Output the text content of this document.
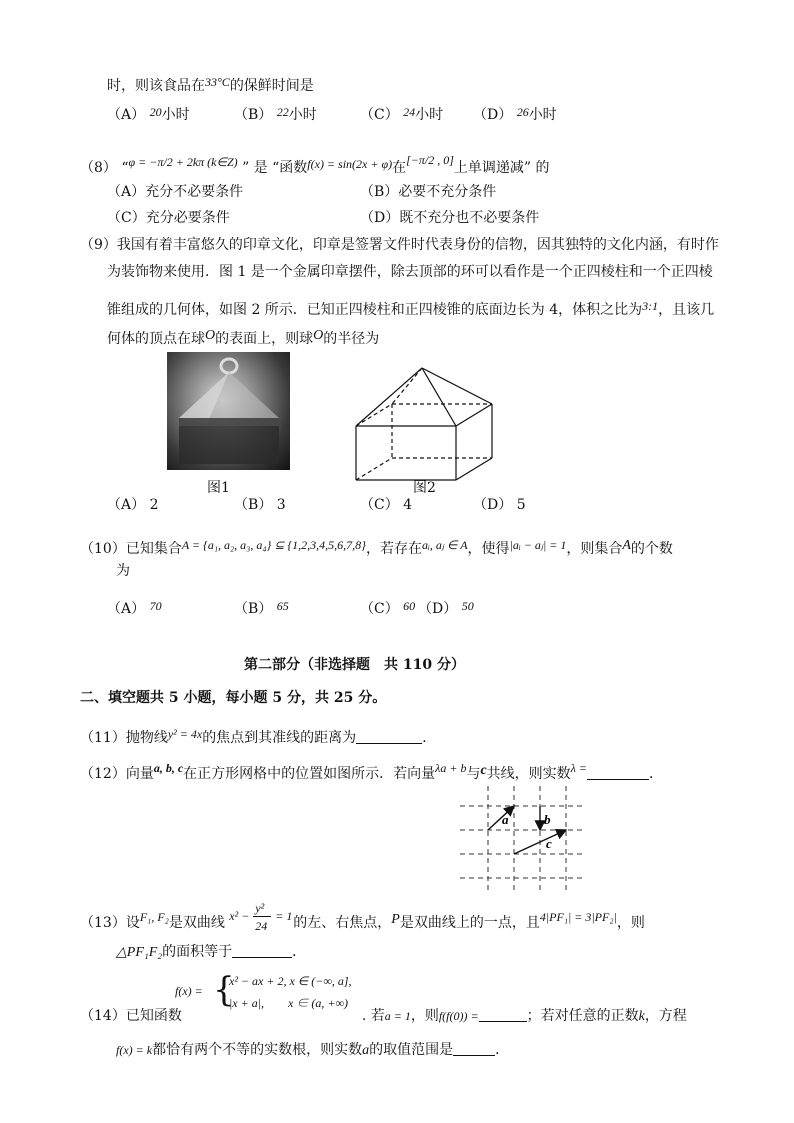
时，则该食品在33°C的保鲜时间是
（A） 20小时	（B） 22小时	（C） 24小时 （D） 26小时
（8） “φ = −π/2 + 2kπ (k∈Z) ” 是 “函数f(x) = sin(2x + φ)在[−π/2 , 0]上单调递减” 的
（A）充分不必要条件	（B）必要不充分条件
（C）充分必要条件	（D）既不充分也不必要条件
（9）我国有着丰富悠久的印章文化，印章是签署文件时代表身份的信物，因其独特的文化内涵，有时作
为装饰物来使用．图 1 是一个金属印章摆件，除去顶部的环可以看作是一个正四棱柱和一个正四棱
锥组成的几何体，如图 2 所示．已知正四棱柱和正四棱锥的底面边长为 4，体积之比为3:1，且该几
何体的顶点在球O的表面上，则球O的半径为
图1	图2
（A） 2	（B） 3	（C） 4	（D） 5
（10）已知集合A = {a₁, a₂, a₃, a₄} ⊆ {1,2,3,4,5,6,7,8}，若存在aᵢ, aⱼ ∈ A，使得|aᵢ − aⱼ| = 1，则集合A的个数
为
（A） 70	（B） 65	（C） 60 （D） 50
第二部分（非选择题　共 110 分）
二、填空题共 5 小题，每小题 5 分，共 25 分。
（11）抛物线y² = 4x的焦点到其准线的距离为	．
（12）向量a, b, c在正方形网格中的位置如图所示．若向量λa + b与c共线，则实数λ =	．
a	b
c
（13）设F₁, F₂是双曲线 x² −
y²
24
= 1 的左、右焦点，P是双曲线上的一点，且4|PF₁| = 3|PF₂|，则
△PF₁F₂的面积等于	．
f(x) = {
x² − ax + 2, x ∈ (−∞, a],
|x + a|,　　x ∈ (a, +∞)
（14）已知函数	. 若a = 1，则f(f(0)) =	；若对任意的正数k，方程
f(x) = k都恰有两个不等的实数根，则实数a的取值范围是	．
